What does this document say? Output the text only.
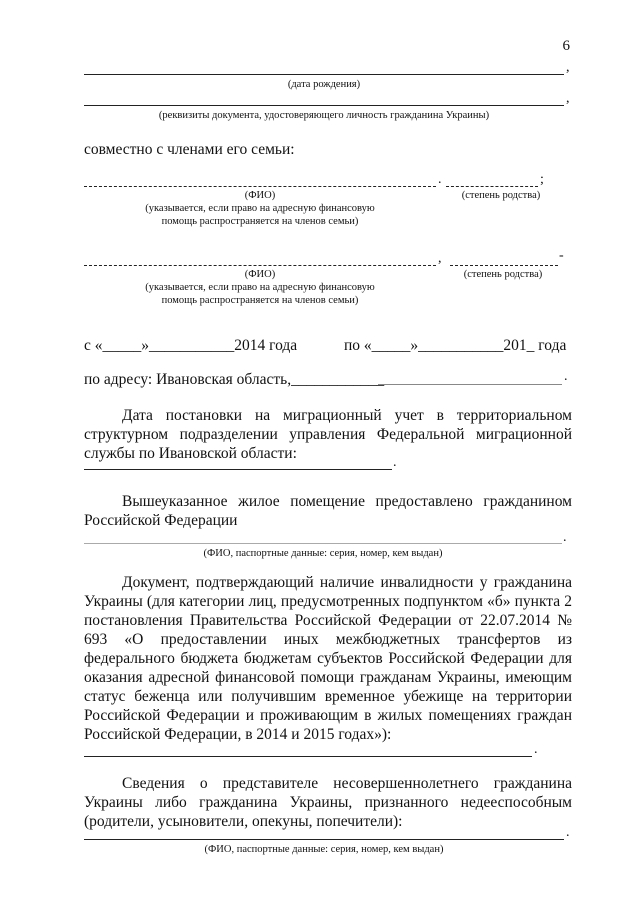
6
,
(дата рождения)
,
(реквизиты документа, удостоверяющего личность гражданина Украины)
совместно с членами его семьи:
.	;
(ФИО)	(степень родства)
(указывается, если право на адресную финансовую
помощь распространяется на членов семьи)
,	-
(ФИО)	(степень родства)
(указывается, если право на адресную финансовую
помощь распространяется на членов семьи)
с «_____»___________2014 года	по «_____»___________201_ года
по адресу: Ивановская область,____________	.
Дата постановки на миграционный учет в территориальном структурном подразделении управления Федеральной миграционной службы по Ивановской области:
.
Вышеуказанное жилое помещение предоставлено гражданином Российской Федерации
.
(ФИО, паспортные данные: серия, номер, кем выдан)
Документ, подтверждающий наличие инвалидности у гражданина Украины (для категории лиц, предусмотренных подпунктом «б» пункта 2 постановления Правительства Российской Федерации от 22.07.2014 № 693 «О предоставлении иных межбюджетных трансфертов из федерального бюджета бюджетам субъектов Российской Федерации для оказания адресной финансовой помощи гражданам Украины, имеющим статус беженца или получившим временное убежище на территории Российской Федерации и проживающим в жилых помещениях граждан Российской Федерации, в 2014 и 2015 годах»):
.
Сведения о представителе несовершеннолетнего гражданина Украины либо гражданина Украины, признанного недееспособным (родители, усыновители, опекуны, попечители):
.
(ФИО, паспортные данные: серия, номер, кем выдан)
